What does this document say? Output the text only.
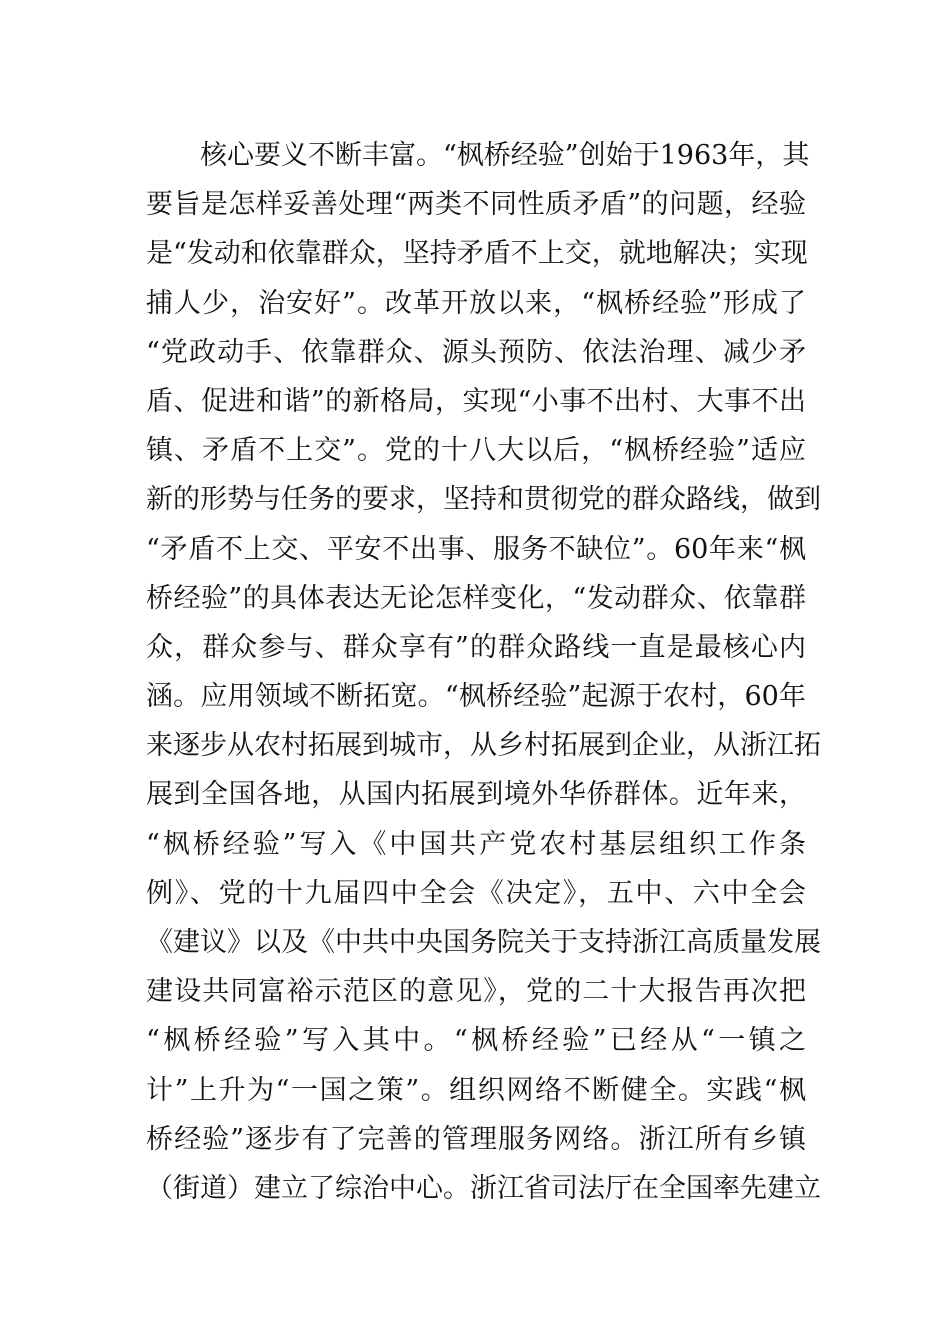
核心要义不断丰富。“枫桥经验”创始于1963年，其
要旨是怎样妥善处理“两类不同性质矛盾”的问题，经验
是“发动和依靠群众，坚持矛盾不上交，就地解决；实现
捕人少，治安好”。改革开放以来，“枫桥经验”形成了
“党政动手、依靠群众、源头预防、依法治理、减少矛
盾、促进和谐”的新格局，实现“小事不出村、大事不出
镇、矛盾不上交”。党的十八大以后，“枫桥经验”适应
新的形势与任务的要求，坚持和贯彻党的群众路线，做到
“矛盾不上交、平安不出事、服务不缺位”。60年来“枫
桥经验”的具体表达无论怎样变化，“发动群众、依靠群
众，群众参与、群众享有”的群众路线一直是最核心内
涵。应用领域不断拓宽。“枫桥经验”起源于农村，60年
来逐步从农村拓展到城市，从乡村拓展到企业，从浙江拓
展到全国各地，从国内拓展到境外华侨群体。近年来，
“枫桥经验”写入《中国共产党农村基层组织工作条
例》、党的十九届四中全会《决定》，五中、六中全会
《建议》以及《中共中央国务院关于支持浙江高质量发展
建设共同富裕示范区的意见》，党的二十大报告再次把
“枫桥经验”写入其中。“枫桥经验”已经从“一镇之
计”上升为“一国之策”。组织网络不断健全。实践“枫
桥经验”逐步有了完善的管理服务网络。浙江所有乡镇
（街道）建立了综治中心。浙江省司法厅在全国率先建立
